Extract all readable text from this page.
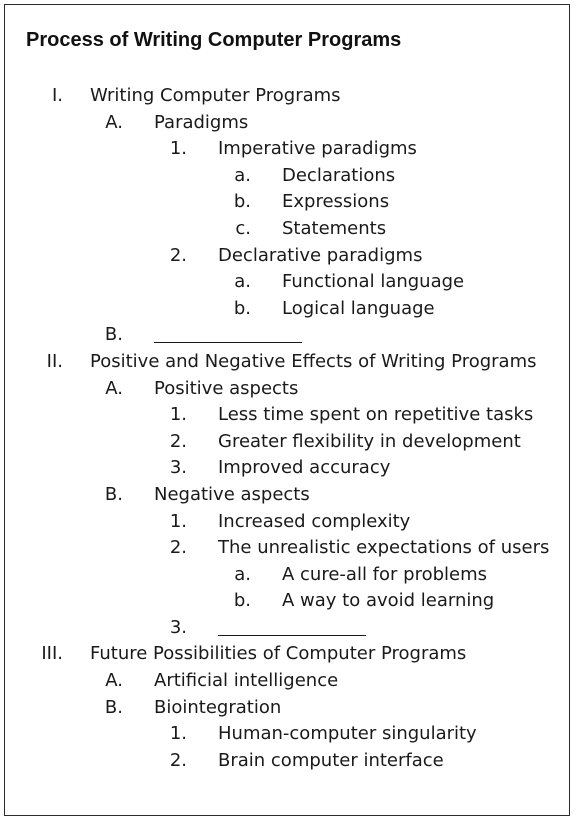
Process of Writing Computer Programs
I. Writing Computer Programs
A. Paradigms
1. Imperative paradigms
a. Declarations
b. Expressions
c. Statements
2. Declarative paradigms
a. Functional language
b. Logical language
B.
II. Positive and Negative Effects of Writing Programs
A. Positive aspects
1. Less time spent on repetitive tasks
2. Greater flexibility in development
3. Improved accuracy
B. Negative aspects
1. Increased complexity
2. The unrealistic expectations of users
a. A cure-all for problems
b. A way to avoid learning
3.
III. Future Possibilities of Computer Programs
A. Artificial intelligence
B. Biointegration
1. Human-computer singularity
2. Brain computer interface
